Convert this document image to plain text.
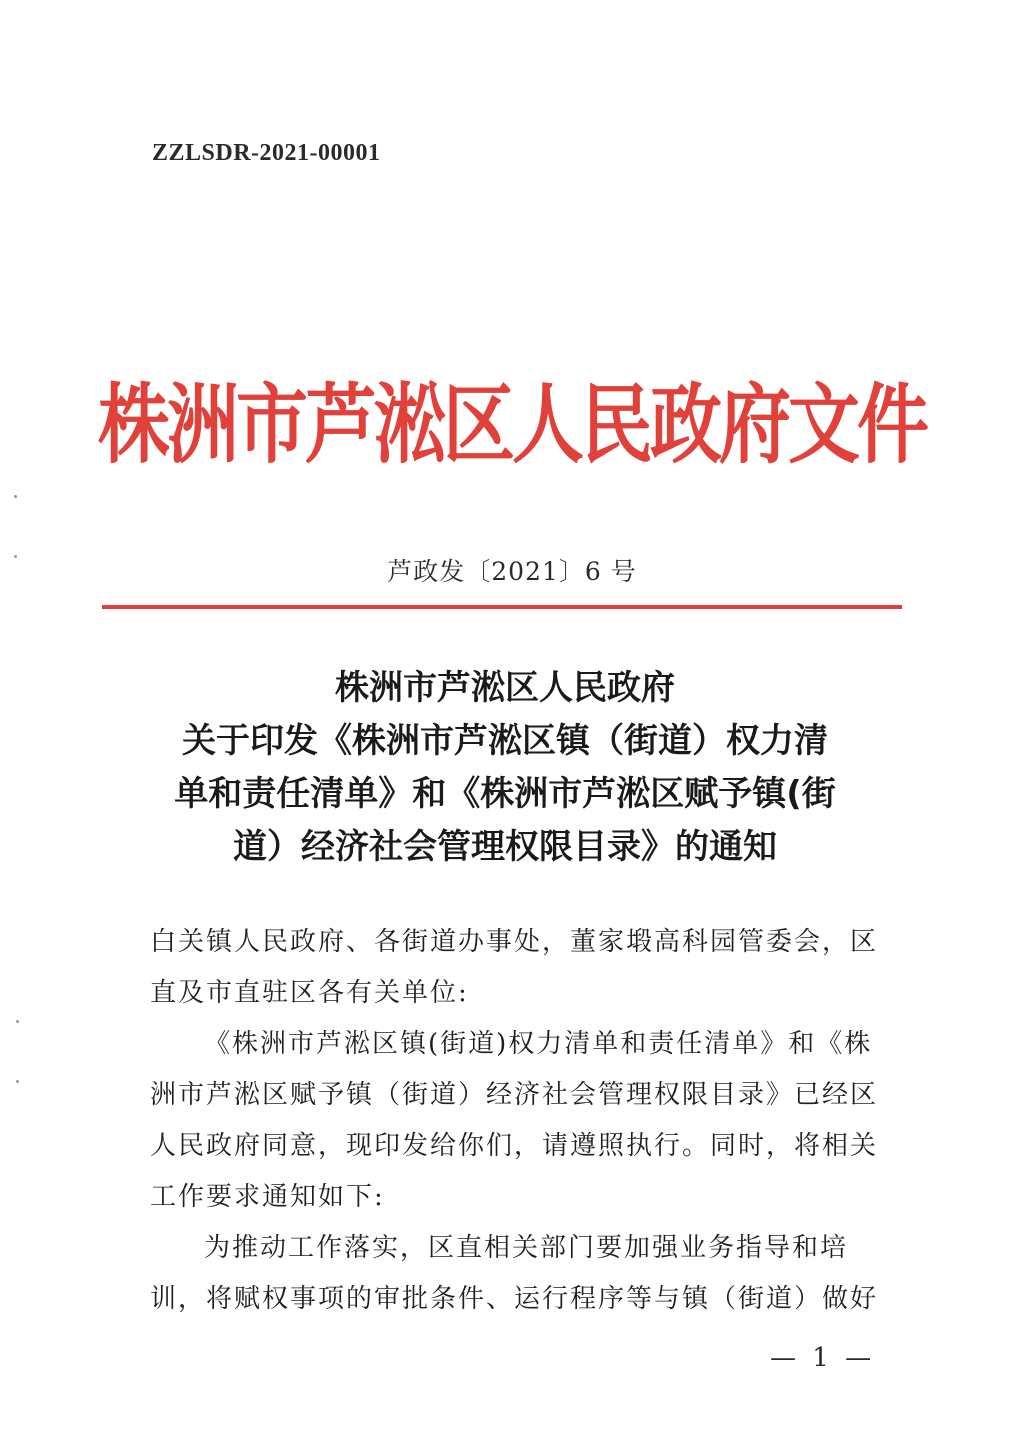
ZZLSDR-2021-00001
株洲市芦淞区人民政府文件
芦政发〔2021〕6 号
株洲市芦淞区人民政府
关于印发《株洲市芦淞区镇（街道）权力清
单和责任清单》和《株洲市芦淞区赋予镇(街
道）经济社会管理权限目录》的通知
白关镇人民政府、各街道办事处，董家塅高科园管委会，区
直及市直驻区各有关单位:
《株洲市芦淞区镇(街道)权力清单和责任清单》和《株
洲市芦淞区赋予镇（街道）经济社会管理权限目录》已经区
人民政府同意，现印发给你们，请遵照执行。同时，将相关
工作要求通知如下:
为推动工作落实，区直相关部门要加强业务指导和培
训，将赋权事项的审批条件、运行程序等与镇（街道）做好
— 1 —
